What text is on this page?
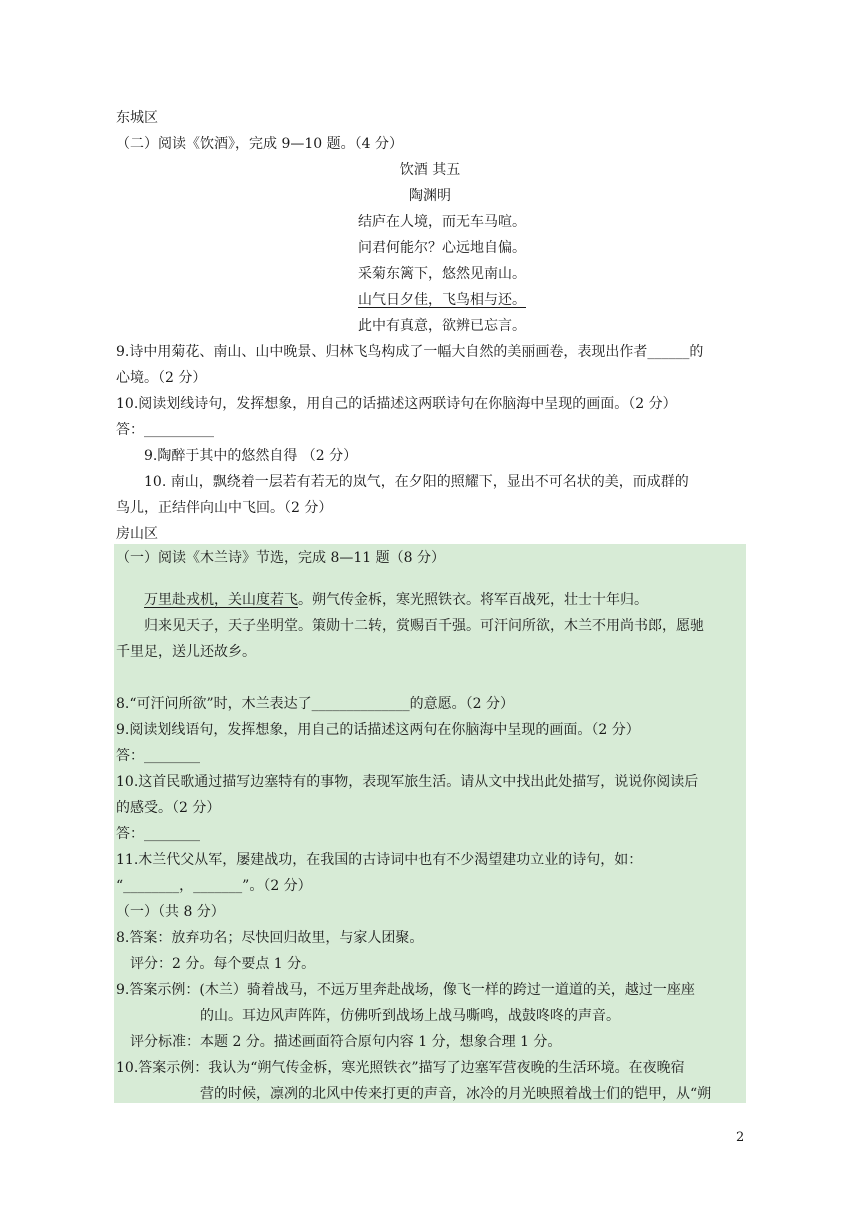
东城区
（二）阅读《饮酒》，完成 9—10 题。（4 分）
饮酒 其五
陶渊明
结庐在人境，而无车马喧。
问君何能尔？心远地自偏。
采菊东篱下，悠然见南山。
山气日夕佳，飞鸟相与还。
此中有真意，欲辨已忘言。
9.诗中用菊花、南山、山中晚景、归林飞鸟构成了一幅大自然的美丽画卷，表现出作者______的
心境。（2 分）
10.阅读划线诗句，发挥想象，用自己的话描述这两联诗句在你脑海中呈现的画面。（2 分）
答：__________
9.陶醉于其中的悠然自得 （2 分）
10. 南山，飘绕着一层若有若无的岚气，在夕阳的照耀下，显出不可名状的美，而成群的
鸟儿，正结伴向山中飞回。（2 分）
房山区
（一）阅读《木兰诗》节选，完成 8—11 题（8 分）
万里赴戎机，关山度若飞。朔气传金柝，寒光照铁衣。将军百战死，壮士十年归。
归来见天子，天子坐明堂。策勋十二转，赏赐百千强。可汗问所欲，木兰不用尚书郎，愿驰
千里足，送儿还故乡。
8.“可汗问所欲”时，木兰表达了______________的意愿。（2 分）
9.阅读划线语句，发挥想象，用自己的话描述这两句在你脑海中呈现的画面。（2 分）
答：________
10.这首民歌通过描写边塞特有的事物，表现军旅生活。请从文中找出此处描写，说说你阅读后
的感受。（2 分）
答：________
11.木兰代父从军，屡建战功，在我国的古诗词中也有不少渴望建功立业的诗句，如：
“________，_______”。（2 分）
（一）（共 8 分）
8.答案：放弃功名；尽快回归故里，与家人团聚。
评分：2 分。每个要点 1 分。
9.答案示例：(木兰）骑着战马，不远万里奔赴战场，像飞一样的跨过一道道的关，越过一座座
的山。耳边风声阵阵，仿佛听到战场上战马嘶鸣，战鼓咚咚的声音。
评分标准：本题 2 分。描述画面符合原句内容 1 分，想象合理 1 分。
10.答案示例：我认为“朔气传金柝，寒光照铁衣”描写了边塞军营夜晚的生活环境。在夜晚宿
营的时候，凛冽的北风中传来打更的声音，冰冷的月光映照着战士们的铠甲，从“朔
2
